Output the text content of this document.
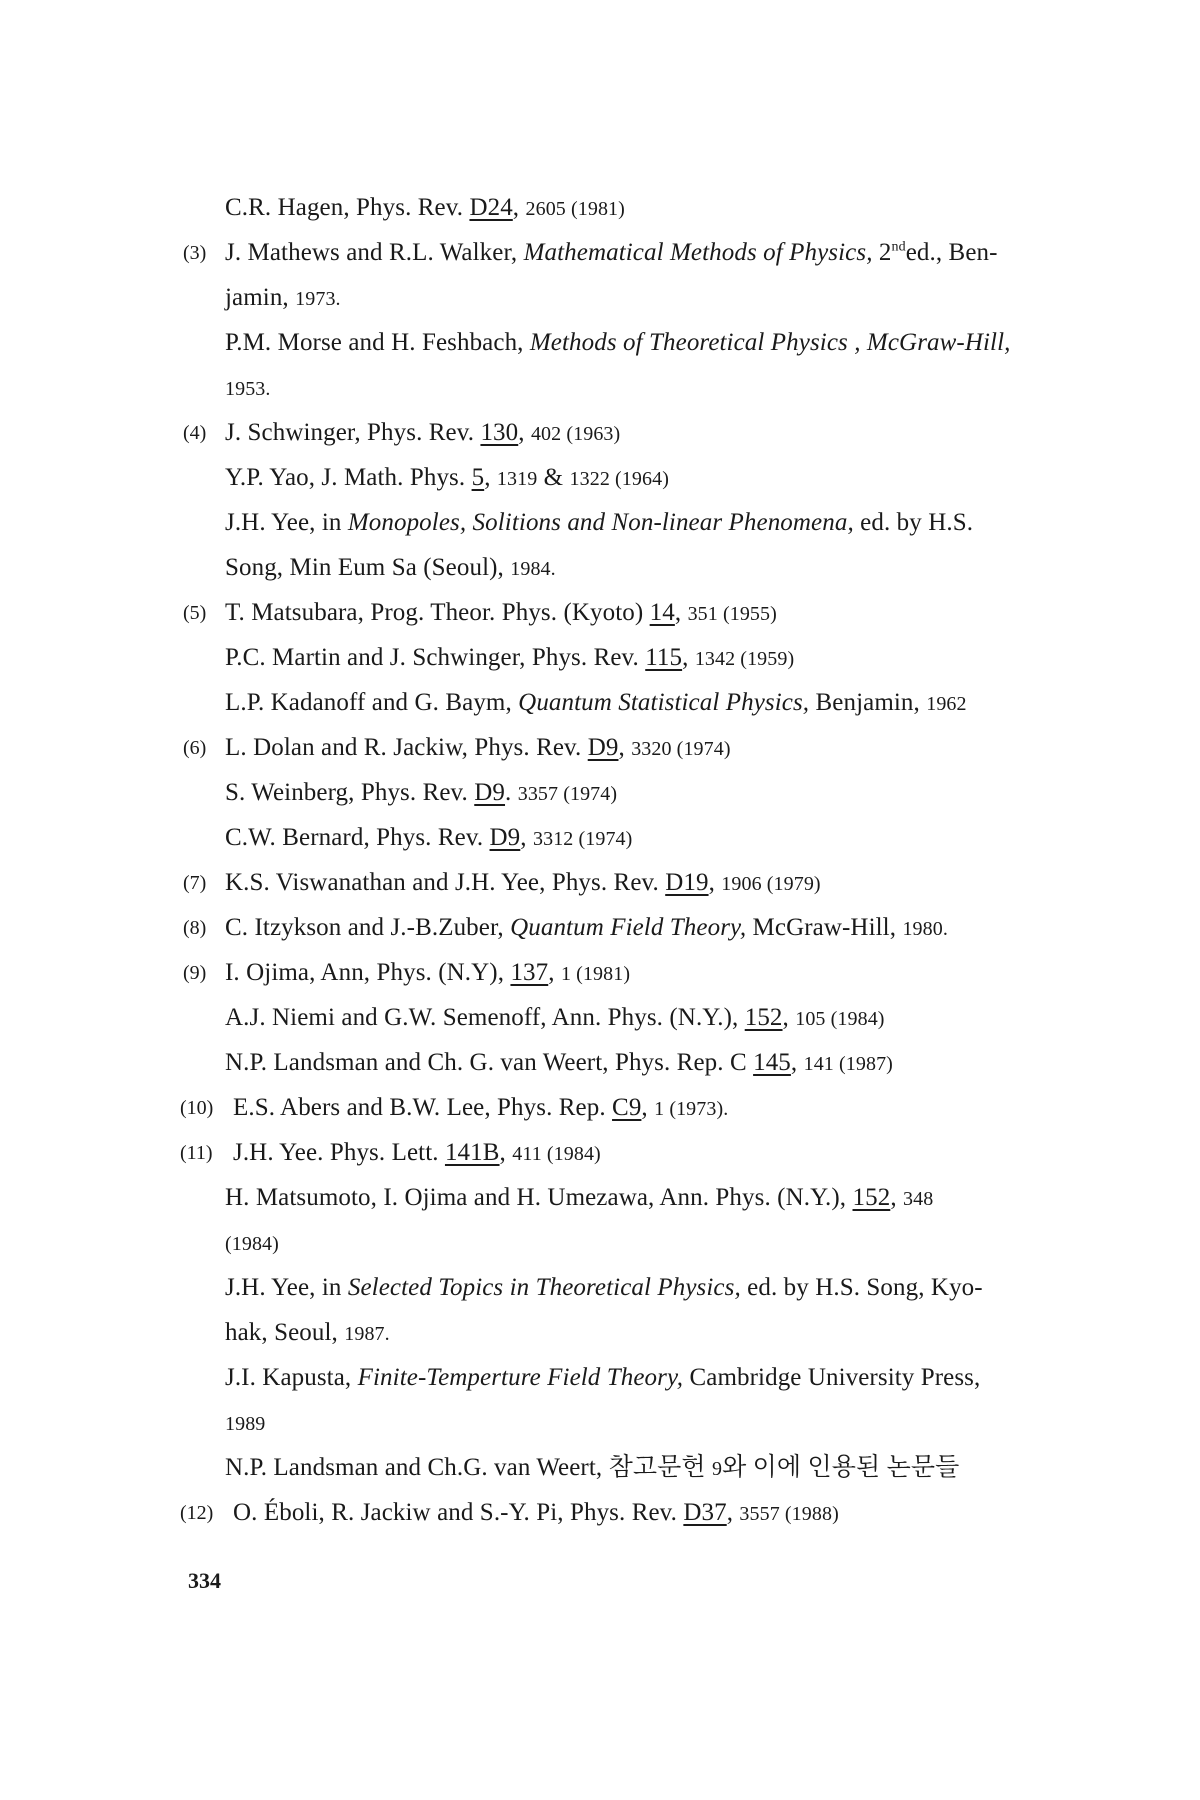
C.R. Hagen, Phys. Rev. D24, 2605 (1981)
(3) J. Mathews and R.L. Walker, Mathematical Methods of Physics, 2nded., Ben-
jamin, 1973.
P.M. Morse and H. Feshbach, Methods of Theoretical Physics , McGraw-Hill,
1953.
(4) J. Schwinger, Phys. Rev. 130, 402 (1963)
Y.P. Yao, J. Math. Phys. 5, 1319 & 1322 (1964)
J.H. Yee, in Monopoles, Solitions and Non-linear Phenomena, ed. by H.S.
Song, Min Eum Sa (Seoul), 1984.
(5) T. Matsubara, Prog. Theor. Phys. (Kyoto) 14, 351 (1955)
P.C. Martin and J. Schwinger, Phys. Rev. 115, 1342 (1959)
L.P. Kadanoff and G. Baym, Quantum Statistical Physics, Benjamin, 1962
(6) L. Dolan and R. Jackiw, Phys. Rev. D9, 3320 (1974)
S. Weinberg, Phys. Rev. D9. 3357 (1974)
C.W. Bernard, Phys. Rev. D9, 3312 (1974)
(7) K.S. Viswanathan and J.H. Yee, Phys. Rev. D19, 1906 (1979)
(8) C. Itzykson and J.-B.Zuber, Quantum Field Theory, McGraw-Hill, 1980.
(9) I. Ojima, Ann, Phys. (N.Y), 137, 1 (1981)
A.J. Niemi and G.W. Semenoff, Ann. Phys. (N.Y.), 152, 105 (1984)
N.P. Landsman and Ch. G. van Weert, Phys. Rep. C 145, 141 (1987)
(10) E.S. Abers and B.W. Lee, Phys. Rep. C9, 1 (1973).
(11) J.H. Yee. Phys. Lett. 141B, 411 (1984)
H. Matsumoto, I. Ojima and H. Umezawa, Ann. Phys. (N.Y.), 152, 348
(1984)
J.H. Yee, in Selected Topics in Theoretical Physics, ed. by H.S. Song, Kyo-
hak, Seoul, 1987.
J.I. Kapusta, Finite-Temperture Field Theory, Cambridge University Press,
1989
N.P. Landsman and Ch.G. van Weert, 참고문헌 9와 이에 인용된 논문들
(12) O. Éboli, R. Jackiw and S.-Y. Pi, Phys. Rev. D37, 3557 (1988)
334
